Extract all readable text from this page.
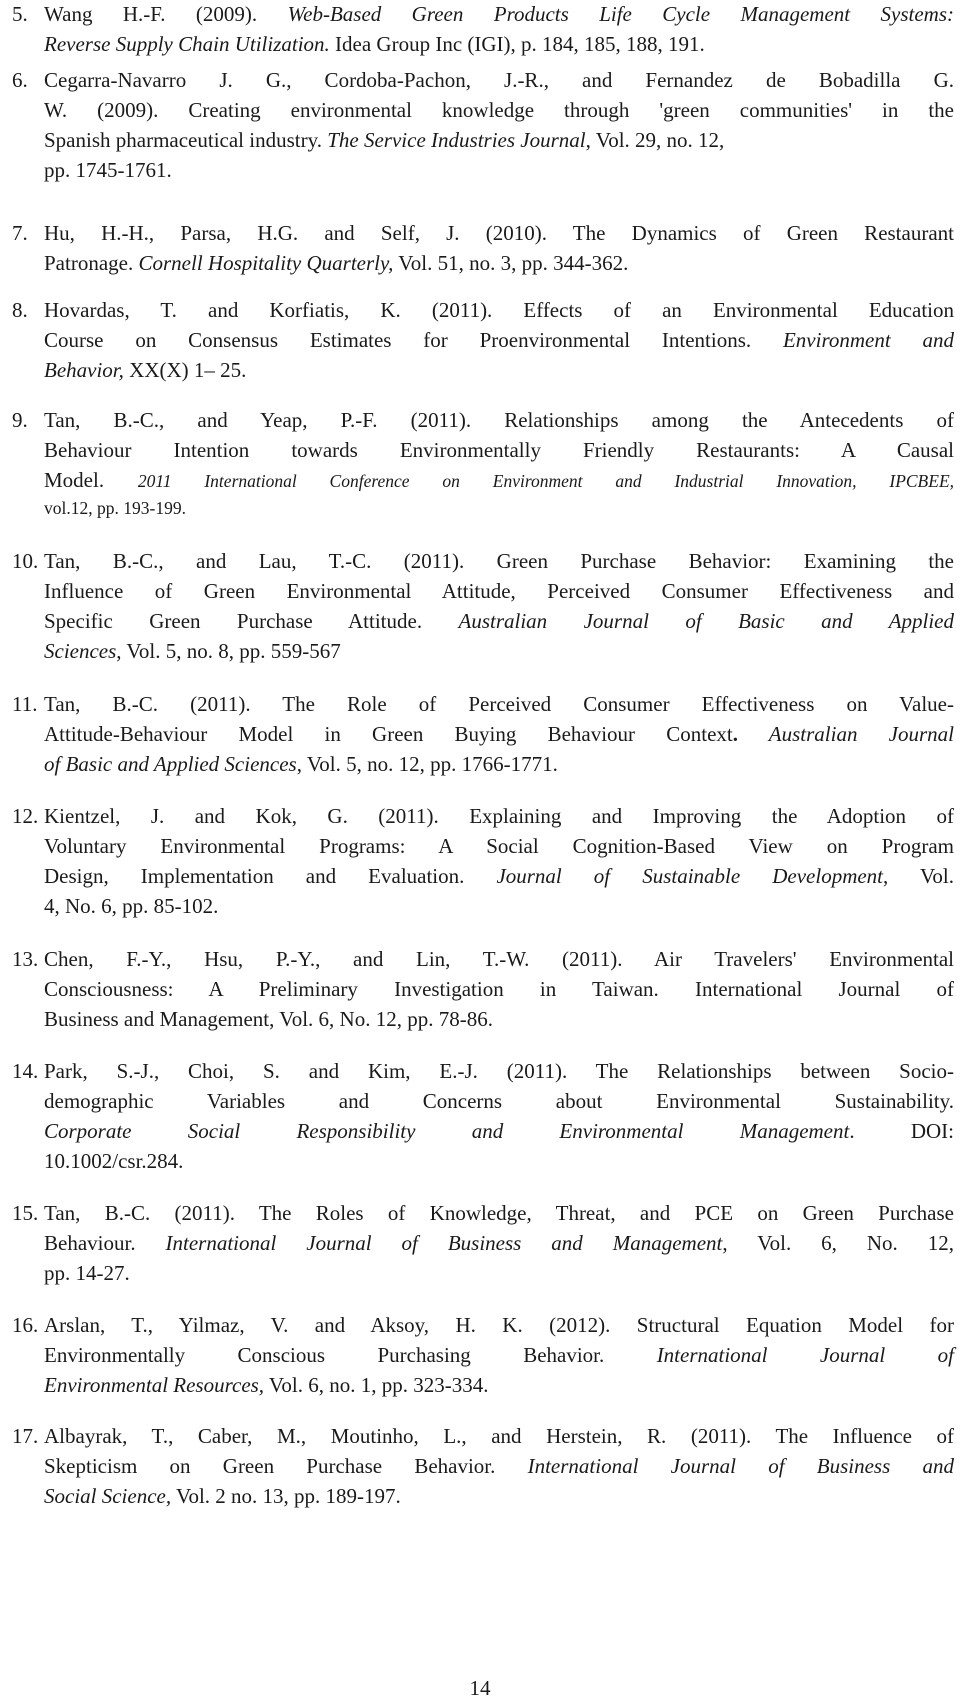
5. Wang H.-F. (2009). Web-Based Green Products Life Cycle Management Systems:
Reverse Supply Chain Utilization. Idea Group Inc (IGI), p. 184, 185, 188, 191.
6. Cegarra-Navarro J. G., Cordoba-Pachon, J.-R., and Fernandez de Bobadilla G.
W. (2009). Creating environmental knowledge through 'green communities' in the
Spanish pharmaceutical industry. The Service Industries Journal, Vol. 29, no. 12,
pp. 1745-1761.
7. Hu, H.-H., Parsa, H.G. and Self, J. (2010). The Dynamics of Green Restaurant
Patronage. Cornell Hospitality Quarterly, Vol. 51, no. 3, pp. 344-362.
8. Hovardas, T. and Korfiatis, K. (2011). Effects of an Environmental Education
Course on Consensus Estimates for Proenvironmental Intentions. Environment and
Behavior, XX(X) 1– 25.
9. Tan, B.-C., and Yeap, P.-F. (2011). Relationships among the Antecedents of
Behaviour Intention towards Environmentally Friendly Restaurants: A Causal
Model. 2011 International Conference on Environment and Industrial Innovation, IPCBEE,
vol.12, pp. 193-199.
10. Tan, B.-C., and Lau, T.-C. (2011). Green Purchase Behavior: Examining the
Influence of Green Environmental Attitude, Perceived Consumer Effectiveness and
Specific Green Purchase Attitude. Australian Journal of Basic and Applied
Sciences, Vol. 5, no. 8, pp. 559-567
11. Tan, B.-C. (2011). The Role of Perceived Consumer Effectiveness on Value-
Attitude-Behaviour Model in Green Buying Behaviour Context. Australian Journal
of Basic and Applied Sciences, Vol. 5, no. 12, pp. 1766-1771.
12. Kientzel, J. and Kok, G. (2011). Explaining and Improving the Adoption of
Voluntary Environmental Programs: A Social Cognition-Based View on Program
Design, Implementation and Evaluation. Journal of Sustainable Development, Vol.
4, No. 6, pp. 85-102.
13. Chen, F.-Y., Hsu, P.-Y., and Lin, T.-W. (2011). Air Travelers' Environmental
Consciousness: A Preliminary Investigation in Taiwan. International Journal of
Business and Management, Vol. 6, No. 12, pp. 78-86.
14. Park, S.-J., Choi, S. and Kim, E.-J. (2011). The Relationships between Socio-
demographic Variables and Concerns about Environmental Sustainability.
Corporate Social Responsibility and Environmental Management. DOI:
10.1002/csr.284.
15. Tan, B.-C. (2011). The Roles of Knowledge, Threat, and PCE on Green Purchase
Behaviour. International Journal of Business and Management, Vol. 6, No. 12,
pp. 14-27.
16. Arslan, T., Yilmaz, V. and Aksoy, H. K. (2012). Structural Equation Model for
Environmentally Conscious Purchasing Behavior. International Journal of
Environmental Resources, Vol. 6, no. 1, pp. 323-334.
17. Albayrak, T., Caber, M., Moutinho, L., and Herstein, R. (2011). The Influence of
Skepticism on Green Purchase Behavior. International Journal of Business and
Social Science, Vol. 2 no. 13, pp. 189-197.
14
